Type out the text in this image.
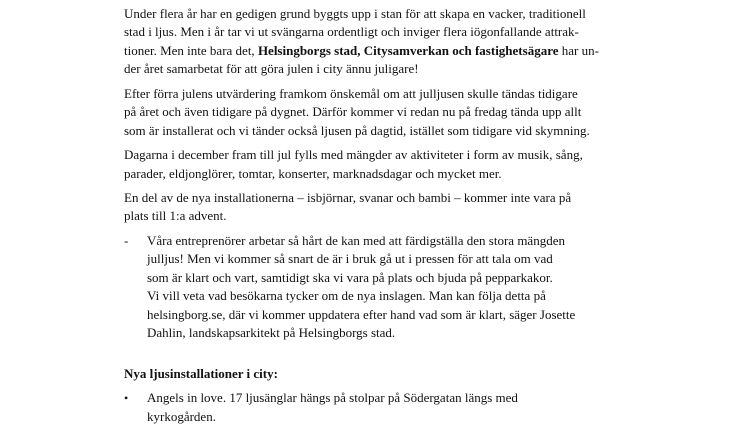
Under flera år har en gedigen grund byggts upp i stan för att skapa en vacker, traditionell
stad i ljus. Men i år tar vi ut svängarna ordentligt och inviger flera iögonfallande attrak-
tioner. Men inte bara det, Helsingborgs stad, Citysamverkan och fastighetsägare har un-
der året samarbetat för att göra julen i city ännu juligare!

Efter förra julens utvärdering framkom önskemål om att julljusen skulle tändas tidigare
på året och även tidigare på dygnet. Därför kommer vi redan nu på fredag tända upp allt
som är installerat och vi tänder också ljusen på dagtid, istället som tidigare vid skymning.

Dagarna i december fram till jul fylls med mängder av aktiviteter i form av musik, sång,
parader, eldjonglörer, tomtar, konserter, marknadsdagar och mycket mer.

En del av de nya installationerna – isbjörnar, svanar och bambi – kommer inte vara på
plats till 1:a advent.

- Våra entreprenörer arbetar så hårt de kan med att färdigställa den stora mängden
julljus! Men vi kommer så snart de är i bruk gå ut i pressen för att tala om vad
som är klart och vart, samtidigt ska vi vara på plats och bjuda på pepparkakor.
Vi vill veta vad besökarna tycker om de nya inslagen. Man kan följa detta på
helsingborg.se, där vi kommer uppdatera efter hand vad som är klart, säger Josette
Dahlin, landskapsarkitekt på Helsingborgs stad.

Nya ljusinstallationer i city:

• Angels in love. 17 ljusänglar hängs på stolpar på Södergatan längs med
kyrkogården.
